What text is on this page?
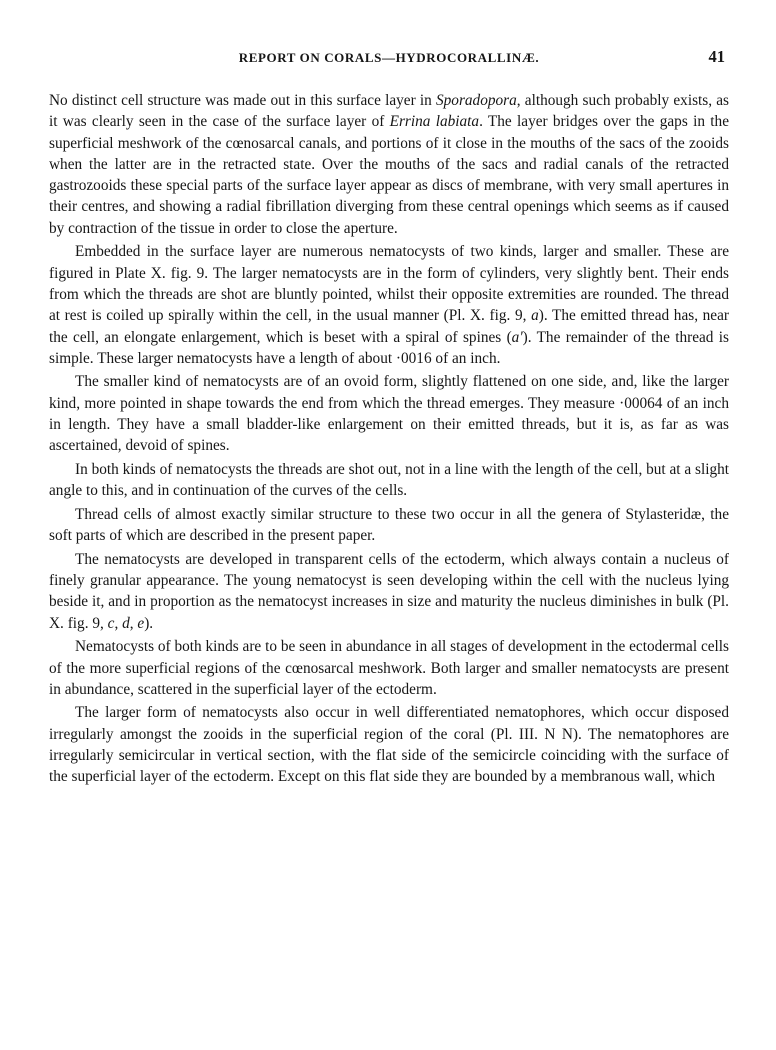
REPORT ON CORALS—HYDROCORALLINÆ.	41

No distinct cell structure was made out in this surface layer in Sporadopora, although such probably exists, as it was clearly seen in the case of the surface layer of Errina labiata. The layer bridges over the gaps in the superficial meshwork of the cœnosarcal canals, and portions of it close in the mouths of the sacs of the zooids when the latter are in the retracted state. Over the mouths of the sacs and radial canals of the retracted gastrozooids these special parts of the surface layer appear as discs of membrane, with very small apertures in their centres, and showing a radial fibrillation diverging from these central openings which seems as if caused by contraction of the tissue in order to close the aperture.

Embedded in the surface layer are numerous nematocysts of two kinds, larger and smaller. These are figured in Plate X. fig. 9. The larger nematocysts are in the form of cylinders, very slightly bent. Their ends from which the threads are shot are bluntly pointed, whilst their opposite extremities are rounded. The thread at rest is coiled up spirally within the cell, in the usual manner (Pl. X. fig. 9, a). The emitted thread has, near the cell, an elongate enlargement, which is beset with a spiral of spines (a'). The remainder of the thread is simple. These larger nematocysts have a length of about ·0016 of an inch.

The smaller kind of nematocysts are of an ovoid form, slightly flattened on one side, and, like the larger kind, more pointed in shape towards the end from which the thread emerges. They measure ·00064 of an inch in length. They have a small bladder-like enlargement on their emitted threads, but it is, as far as was ascertained, devoid of spines.

In both kinds of nematocysts the threads are shot out, not in a line with the length of the cell, but at a slight angle to this, and in continuation of the curves of the cells.

Thread cells of almost exactly similar structure to these two occur in all the genera of Stylasteridæ, the soft parts of which are described in the present paper.

The nematocysts are developed in transparent cells of the ectoderm, which always contain a nucleus of finely granular appearance. The young nematocyst is seen developing within the cell with the nucleus lying beside it, and in proportion as the nematocyst increases in size and maturity the nucleus diminishes in bulk (Pl. X. fig. 9, c, d, e).

Nematocysts of both kinds are to be seen in abundance in all stages of development in the ectodermal cells of the more superficial regions of the cœnosarcal meshwork. Both larger and smaller nematocysts are present in abundance, scattered in the superficial layer of the ectoderm.

The larger form of nematocysts also occur in well differentiated nematophores, which occur disposed irregularly amongst the zooids in the superficial region of the coral (Pl. III. N N). The nematophores are irregularly semicircular in vertical section, with the flat side of the semicircle coinciding with the surface of the superficial layer of the ectoderm. Except on this flat side they are bounded by a membranous wall, which
